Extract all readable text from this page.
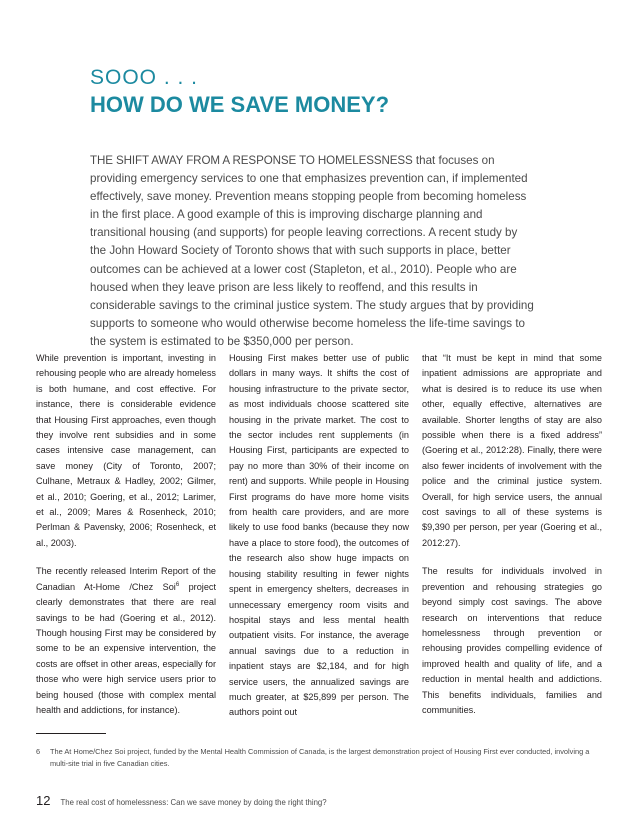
SOOO . . .
HOW DO WE SAVE MONEY?
THE SHIFT AWAY FROM A RESPONSE TO HOMELESSNESS that focuses on providing emergency services to one that emphasizes prevention can, if implemented effectively, save money. Prevention means stopping people from becoming homeless in the first place. A good example of this is improving discharge planning and transitional housing (and supports) for people leaving corrections. A recent study by the John Howard Society of Toronto shows that with such supports in place, better outcomes can be achieved at a lower cost (Stapleton, et al., 2010). People who are housed when they leave prison are less likely to reoffend, and this results in considerable savings to the criminal justice system. The study argues that by providing supports to someone who would otherwise become homeless the life-time savings to the system is estimated to be $350,000 per person.

While prevention is important, investing in rehousing people who are already homeless is both humane, and cost effective. For instance, there is considerable evidence that Housing First approaches, even though they involve rent subsidies and in some cases intensive case management, can save money (City of Toronto, 2007; Culhane, Metraux & Hadley, 2002; Gilmer, et al., 2010; Goering, et al., 2012; Larimer, et al., 2009; Mares & Rosenheck, 2010; Perlman & Pavensky, 2006; Rosenheck, et al., 2003).

The recently released Interim Report of the Canadian At-Home /Chez Soi$^6$ project clearly demonstrates that there are real savings to be had (Goering et al., 2012). Though housing First may be considered by some to be an expensive intervention, the costs are offset in other areas, especially for those who were high service users prior to being housed (those with complex mental health and addictions, for instance).

Housing First makes better use of public dollars in many ways. It shifts the cost of housing infrastructure to the private sector, as most individuals choose scattered site housing in the private market. The cost to the sector includes rent supplements (in Housing First, participants are expected to pay no more than 30% of their income on rent) and supports. While people in Housing First programs do have more home visits from health care providers, and are more likely to use food banks (because they now have a place to store food), the outcomes of the research also show huge impacts on housing stability resulting in fewer nights spent in emergency shelters, decreases in unnecessary emergency room visits and hospital stays and less mental health outpatient visits. For instance, the average annual savings due to a reduction in inpatient stays are $2,184, and for high service users, the annualized savings are much greater, at $25,899 per person. The authors point out

that “It must be kept in mind that some inpatient admissions are appropriate and what is desired is to reduce its use when other, equally effective, alternatives are available. Shorter lengths of stay are also possible when there is a fixed address” (Goering et al., 2012:28). Finally, there were also fewer incidents of involvement with the police and the criminal justice system. Overall, for high service users, the annual cost savings to all of these systems is $9,390 per person, per year (Goering et al., 2012:27).

The results for individuals involved in prevention and rehousing strategies go beyond simply cost savings. The above research on interventions that reduce homelessness through prevention or rehousing provides compelling evidence of improved health and quality of life, and a reduction in mental health and addictions. This benefits individuals, families and communities.

6	The At Home/Chez Soi project, funded by the Mental Health Commission of Canada, is the largest demonstration project of Housing First ever conducted, involving a multi-site trial in five Canadian cities.
12 The real cost of homelessness: Can we save money by doing the right thing?
